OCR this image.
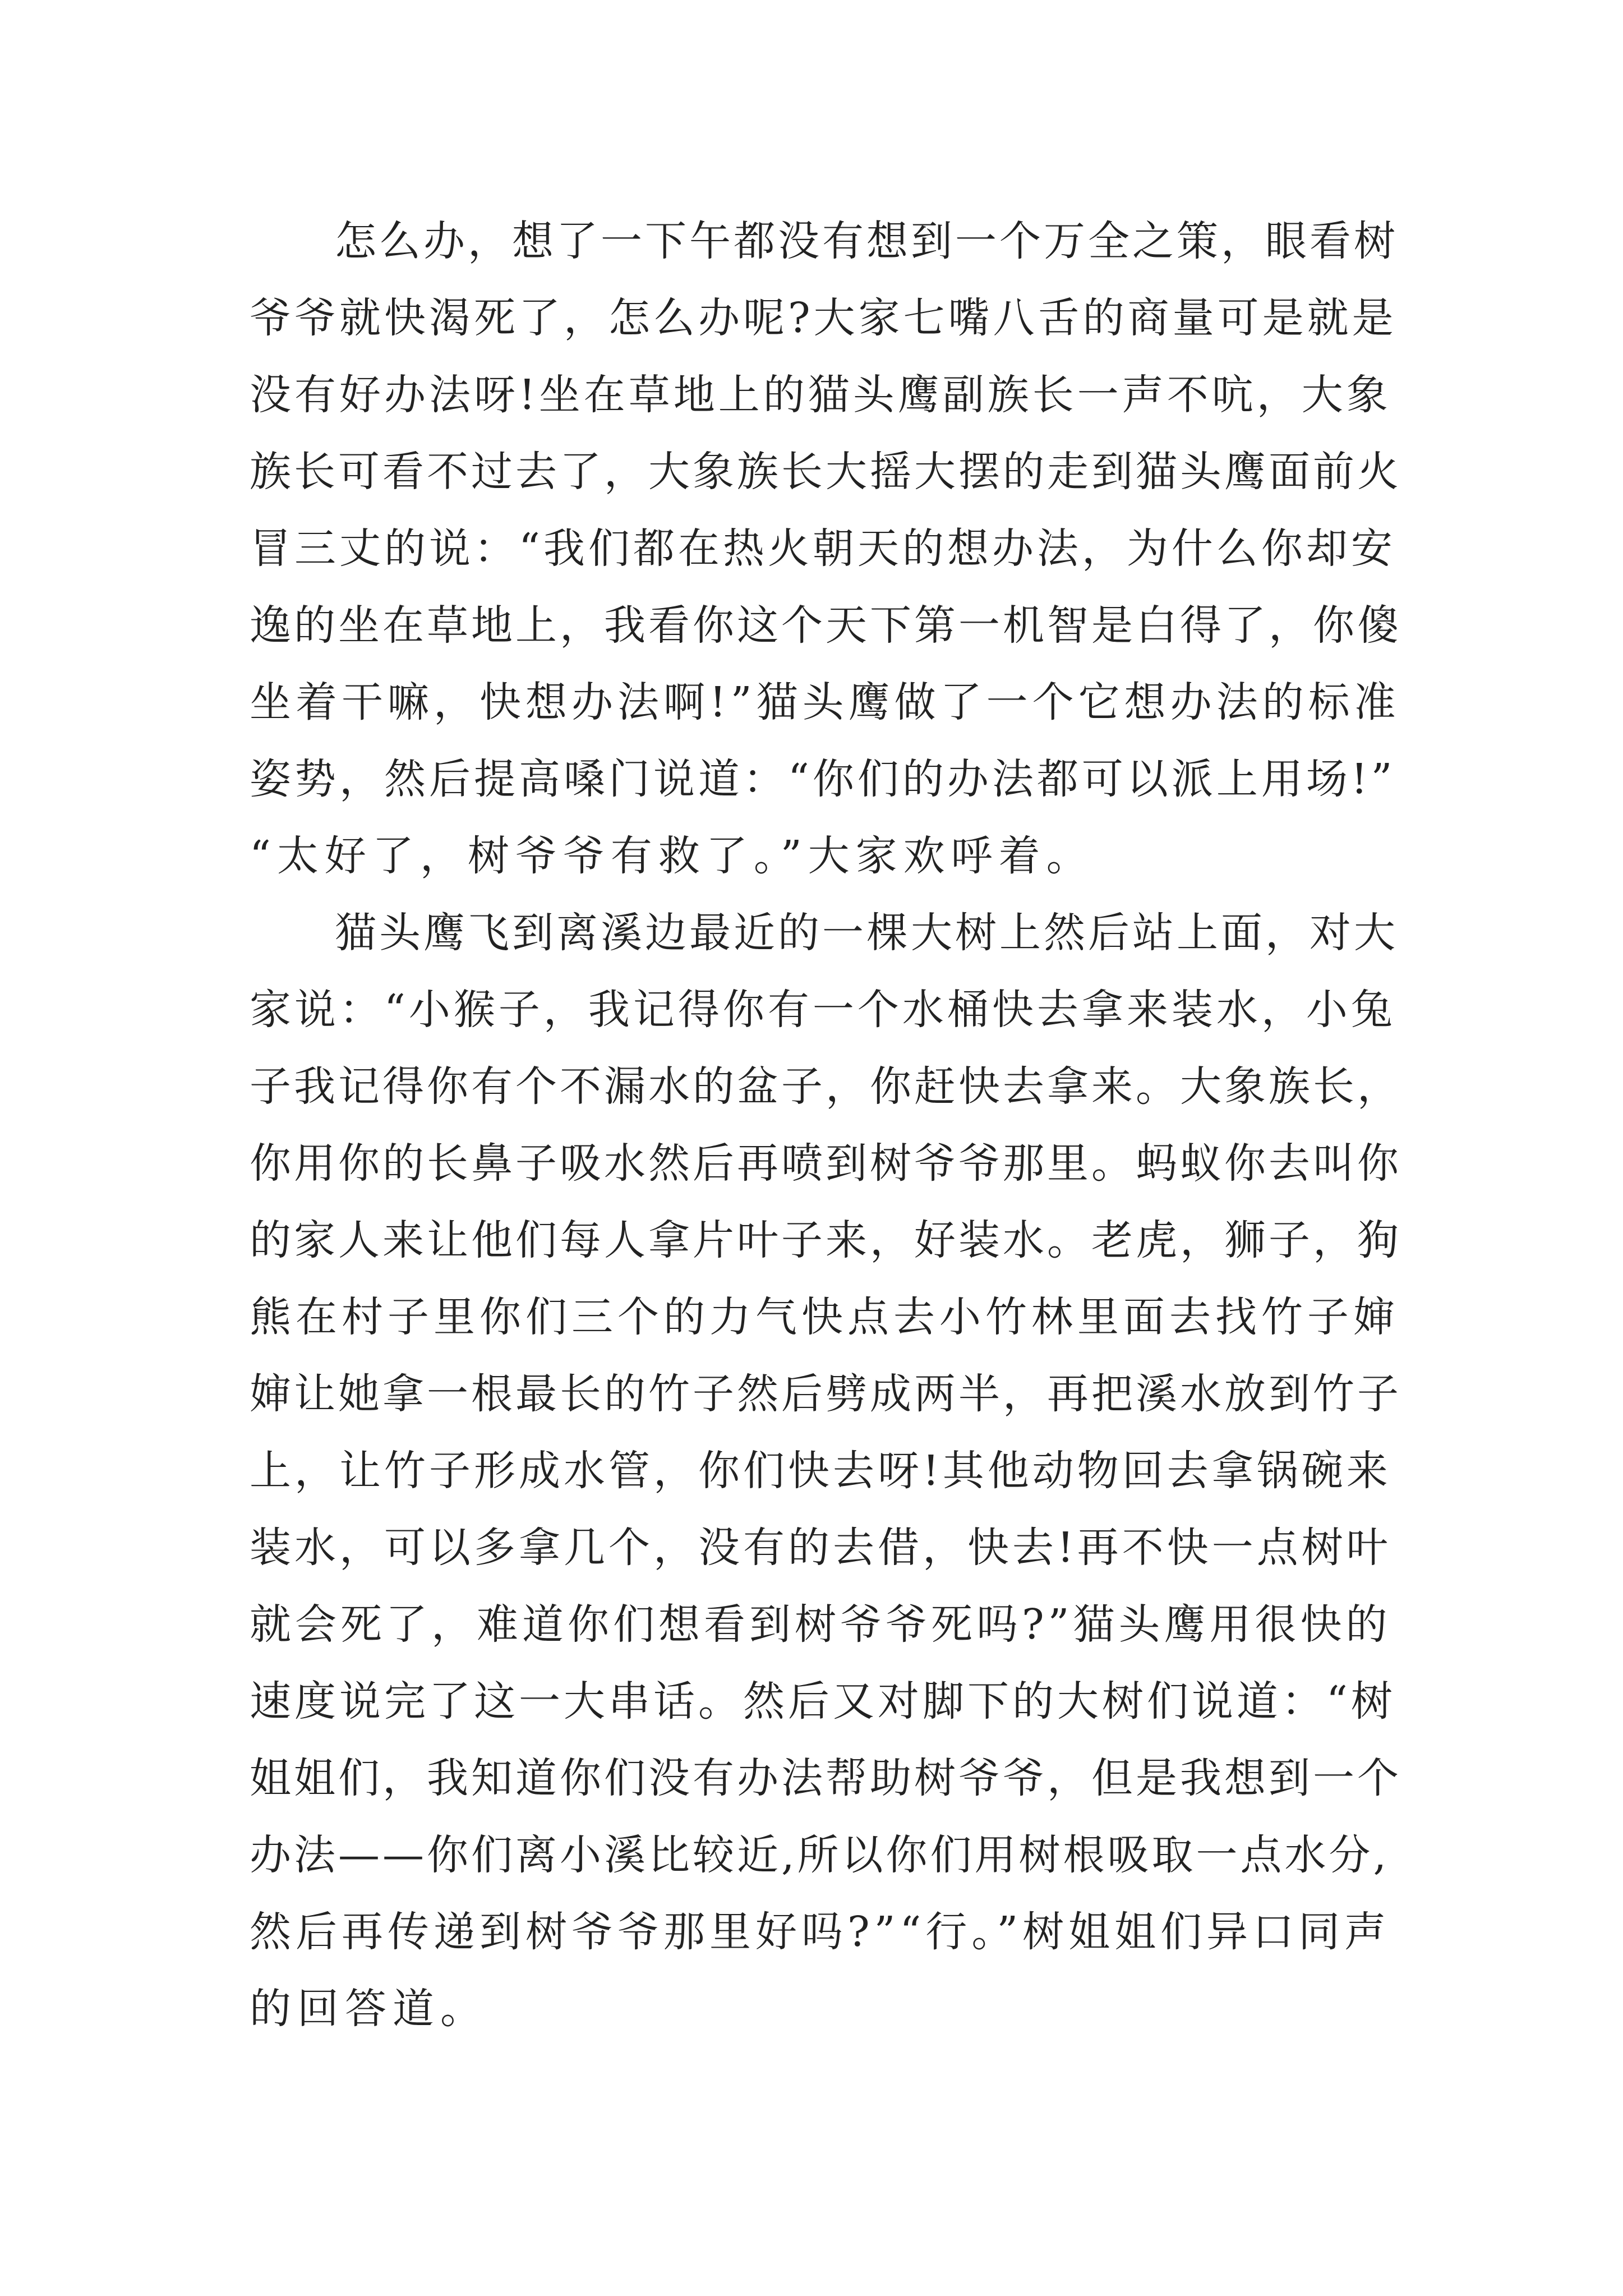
怎么办，想了一下午都没有想到一个万全之策，眼看树
爷爷就快渴死了，怎么办呢?大家七嘴八舌的商量可是就是
没有好办法呀!坐在草地上的猫头鹰副族长一声不吭，大象
族长可看不过去了，大象族长大摇大摆的走到猫头鹰面前火
冒三丈的说：“我们都在热火朝天的想办法，为什么你却安
逸的坐在草地上，我看你这个天下第一机智是白得了，你傻
坐着干嘛，快想办法啊!”猫头鹰做了一个它想办法的标准
姿势，然后提高嗓门说道：“你们的办法都可以派上用场!”
“太好了，树爷爷有救了。”大家欢呼着。
猫头鹰飞到离溪边最近的一棵大树上然后站上面，对大
家说：“小猴子，我记得你有一个水桶快去拿来装水，小兔
子我记得你有个不漏水的盆子，你赶快去拿来。大象族长，
你用你的长鼻子吸水然后再喷到树爷爷那里。蚂蚁你去叫你
的家人来让他们每人拿片叶子来，好装水。老虎，狮子，狗
熊在村子里你们三个的力气快点去小竹林里面去找竹子婶
婶让她拿一根最长的竹子然后劈成两半，再把溪水放到竹子
上，让竹子形成水管，你们快去呀!其他动物回去拿锅碗来
装水，可以多拿几个，没有的去借，快去!再不快一点树叶
就会死了，难道你们想看到树爷爷死吗?”猫头鹰用很快的
速度说完了这一大串话。然后又对脚下的大树们说道：“树
姐姐们，我知道你们没有办法帮助树爷爷，但是我想到一个
办法——你们离小溪比较近,所以你们用树根吸取一点水分,
然后再传递到树爷爷那里好吗?”“行。”树姐姐们异口同声
的回答道。
